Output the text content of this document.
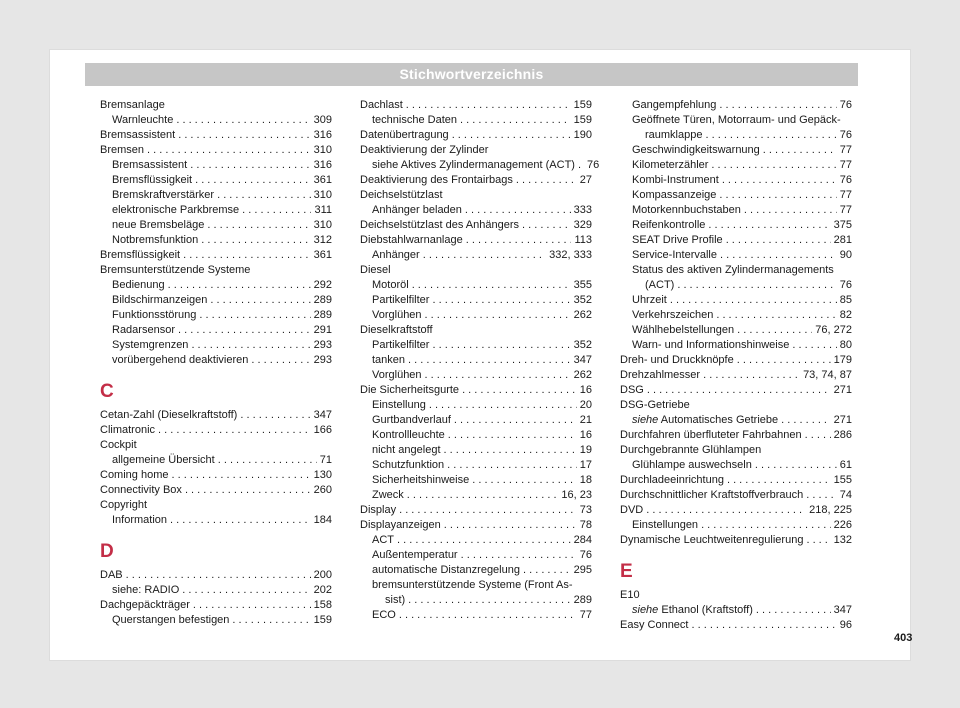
Stichwortverzeichnis
Bremsanlage
Warnleuchte . . .	309
Bremsassistent . . .	316
Bremsen . . .	310
Bremsassistent . . .	316
Bremsflüssigkeit . . .	361
Bremskraftverstärker . . .	310
elektronische Parkbremse . . .	311
neue Bremsbeläge . . .	310
Notbremsfunktion . . .	312
Bremsflüssigkeit . . .	361
Bremsunterstützende Systeme
Bedienung . . .	292
Bildschirmanzeigen . . .	289
Funktionsstörung . . .	289
Radarsensor . . .	291
Systemgrenzen . . .	293
vorübergehend deaktivieren . . .	293
C
Cetan-Zahl (Dieselkraftstoff) . . .	347
Climatronic . . .	166
Cockpit
allgemeine Übersicht . . .	71
Coming home . . .	130
Connectivity Box . . .	260
Copyright
Information . . .	184
D
DAB . . .	200
siehe: RADIO . . .	202
Dachgepäckträger . . .	158
Querstangen befestigen . . .	159
Dachlast . . .	159
technische Daten . . .	159
Datenübertragung . . .	190
Deaktivierung der Zylinder
siehe Aktives Zylindermanagement (ACT) . . . 76
Deaktivierung des Frontairbags . . .	27
Deichselstützlast
Anhänger beladen . . .	333
Deichselstützlast des Anhängers . . .	329
Diebstahlwarnanlage . . .	113
Anhänger . . .	332, 333
Diesel
Motoröl . . .	355
Partikelfilter . . .	352
Vorglühen . . .	262
Dieselkraftstoff
Partikelfilter . . .	352
tanken . . .	347
Vorglühen . . .	262
Die Sicherheitsgurte . . .	16
Einstellung . . .	20
Gurtbandverlauf . . .	21
Kontrollleuchte . . .	16
nicht angelegt . . .	19
Schutzfunktion . . .	17
Sicherheitshinweise . . .	18
Zweck . . .	16, 23
Display . . .	73
Displayanzeigen . . .	78
ACT . . .	284
Außentemperatur . . .	76
automatische Distanzregelung . . .	295
bremsunterstützende Systeme (Front As-
sist) . . .	289
ECO . . .	77
Gangempfehlung . . .	76
Geöffnete Türen, Motorraum- und Gepäck-
raumklappe . . .	76
Geschwindigkeitswarnung . . .	77
Kilometerzähler . . .	77
Kombi-Instrument . . .	76
Kompassanzeige . . .	77
Motorkennbuchstaben . . .	77
Reifenkontrolle . . .	375
SEAT Drive Profile . . .	281
Service-Intervalle . . .	90
Status des aktiven Zylindermanagements
(ACT) . . .	76
Uhrzeit . . .	85
Verkehrszeichen . . .	82
Wählhebelstellungen . . .	76, 272
Warn- und Informationshinweise . . .	80
Dreh- und Druckknöpfe . . .	179
Drehzahlmesser . . .	73, 74, 87
DSG . . .	271
DSG-Getriebe
siehe Automatisches Getriebe . . .	271
Durchfahren überfluteter Fahrbahnen . . .	286
Durchgebrannte Glühlampen
Glühlampe auswechseln . . .	61
Durchladeeinrichtung . . .	155
Durchschnittlicher Kraftstoffverbrauch . . .	74
DVD . . .	218, 225
Einstellungen . . .	226
Dynamische Leuchtweitenregulierung . . .	132
E
E10
siehe Ethanol (Kraftstoff) . . .	347
Easy Connect . . .	96
403
